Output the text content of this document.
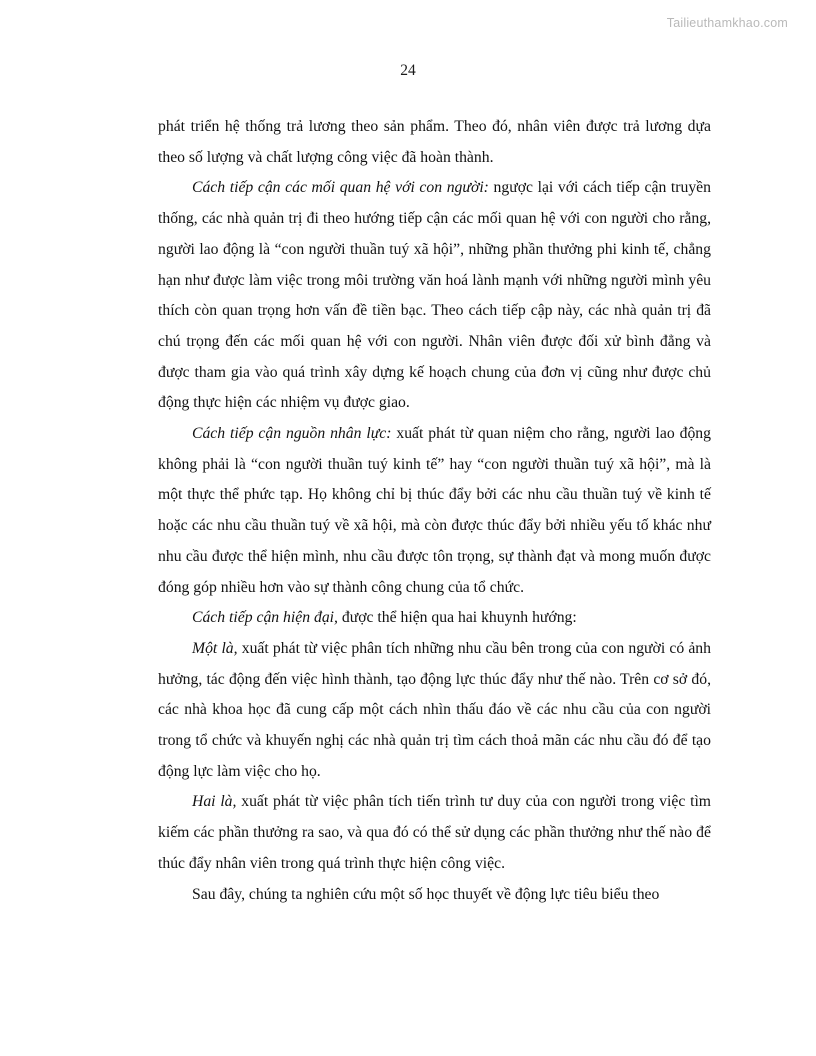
Tailieuthamkhao.com
24

phát triển hệ thống trả lương theo sản phẩm. Theo đó, nhân viên được trả lương dựa theo số lượng và chất lượng công việc đã hoàn thành.

Cách tiếp cận các mối quan hệ với con người: ngược lại với cách tiếp cận truyền thống, các nhà quản trị đi theo hướng tiếp cận các mối quan hệ với con người cho rằng, người lao động là “con người thuần tuý xã hội”, những phần thưởng phi kinh tế, chẳng hạn như được làm việc trong môi trường văn hoá lành mạnh với những người mình yêu thích còn quan trọng hơn vấn đề tiền bạc. Theo cách tiếp cập này, các nhà quản trị đã chú trọng đến các mối quan hệ với con người. Nhân viên được đối xử bình đẳng và được tham gia vào quá trình xây dựng kế hoạch chung của đơn vị cũng như được chủ động thực hiện các nhiệm vụ được giao.

Cách tiếp cận nguồn nhân lực: xuất phát từ quan niệm cho rằng, người lao động không phải là “con người thuần tuý kinh tế” hay “con người thuần tuý xã hội”, mà là một thực thể phức tạp. Họ không chỉ bị thúc đẩy bởi các nhu cầu thuần tuý về kinh tế hoặc các nhu cầu thuần tuý về xã hội, mà còn được thúc đẩy bởi nhiều yếu tố khác như nhu cầu được thể hiện mình, nhu cầu được tôn trọng, sự thành đạt và mong muốn được đóng góp nhiều hơn vào sự thành công chung của tổ chức.

Cách tiếp cận hiện đại, được thể hiện qua hai khuynh hướng:

Một là, xuất phát từ việc phân tích những nhu cầu bên trong của con người có ảnh hưởng, tác động đến việc hình thành, tạo động lực thúc đẩy như thế nào. Trên cơ sở đó, các nhà khoa học đã cung cấp một cách nhìn thấu đáo về các nhu cầu của con người trong tổ chức và khuyến nghị các nhà quản trị tìm cách thoả mãn các nhu cầu đó để tạo động lực làm việc cho họ.

Hai là, xuất phát từ việc phân tích tiến trình tư duy của con người trong việc tìm kiếm các phần thưởng ra sao, và qua đó có thể sử dụng các phần thưởng như thế nào để thúc đẩy nhân viên trong quá trình thực hiện công việc.

Sau đây, chúng ta nghiên cứu một số học thuyết về động lực tiêu biểu theo
